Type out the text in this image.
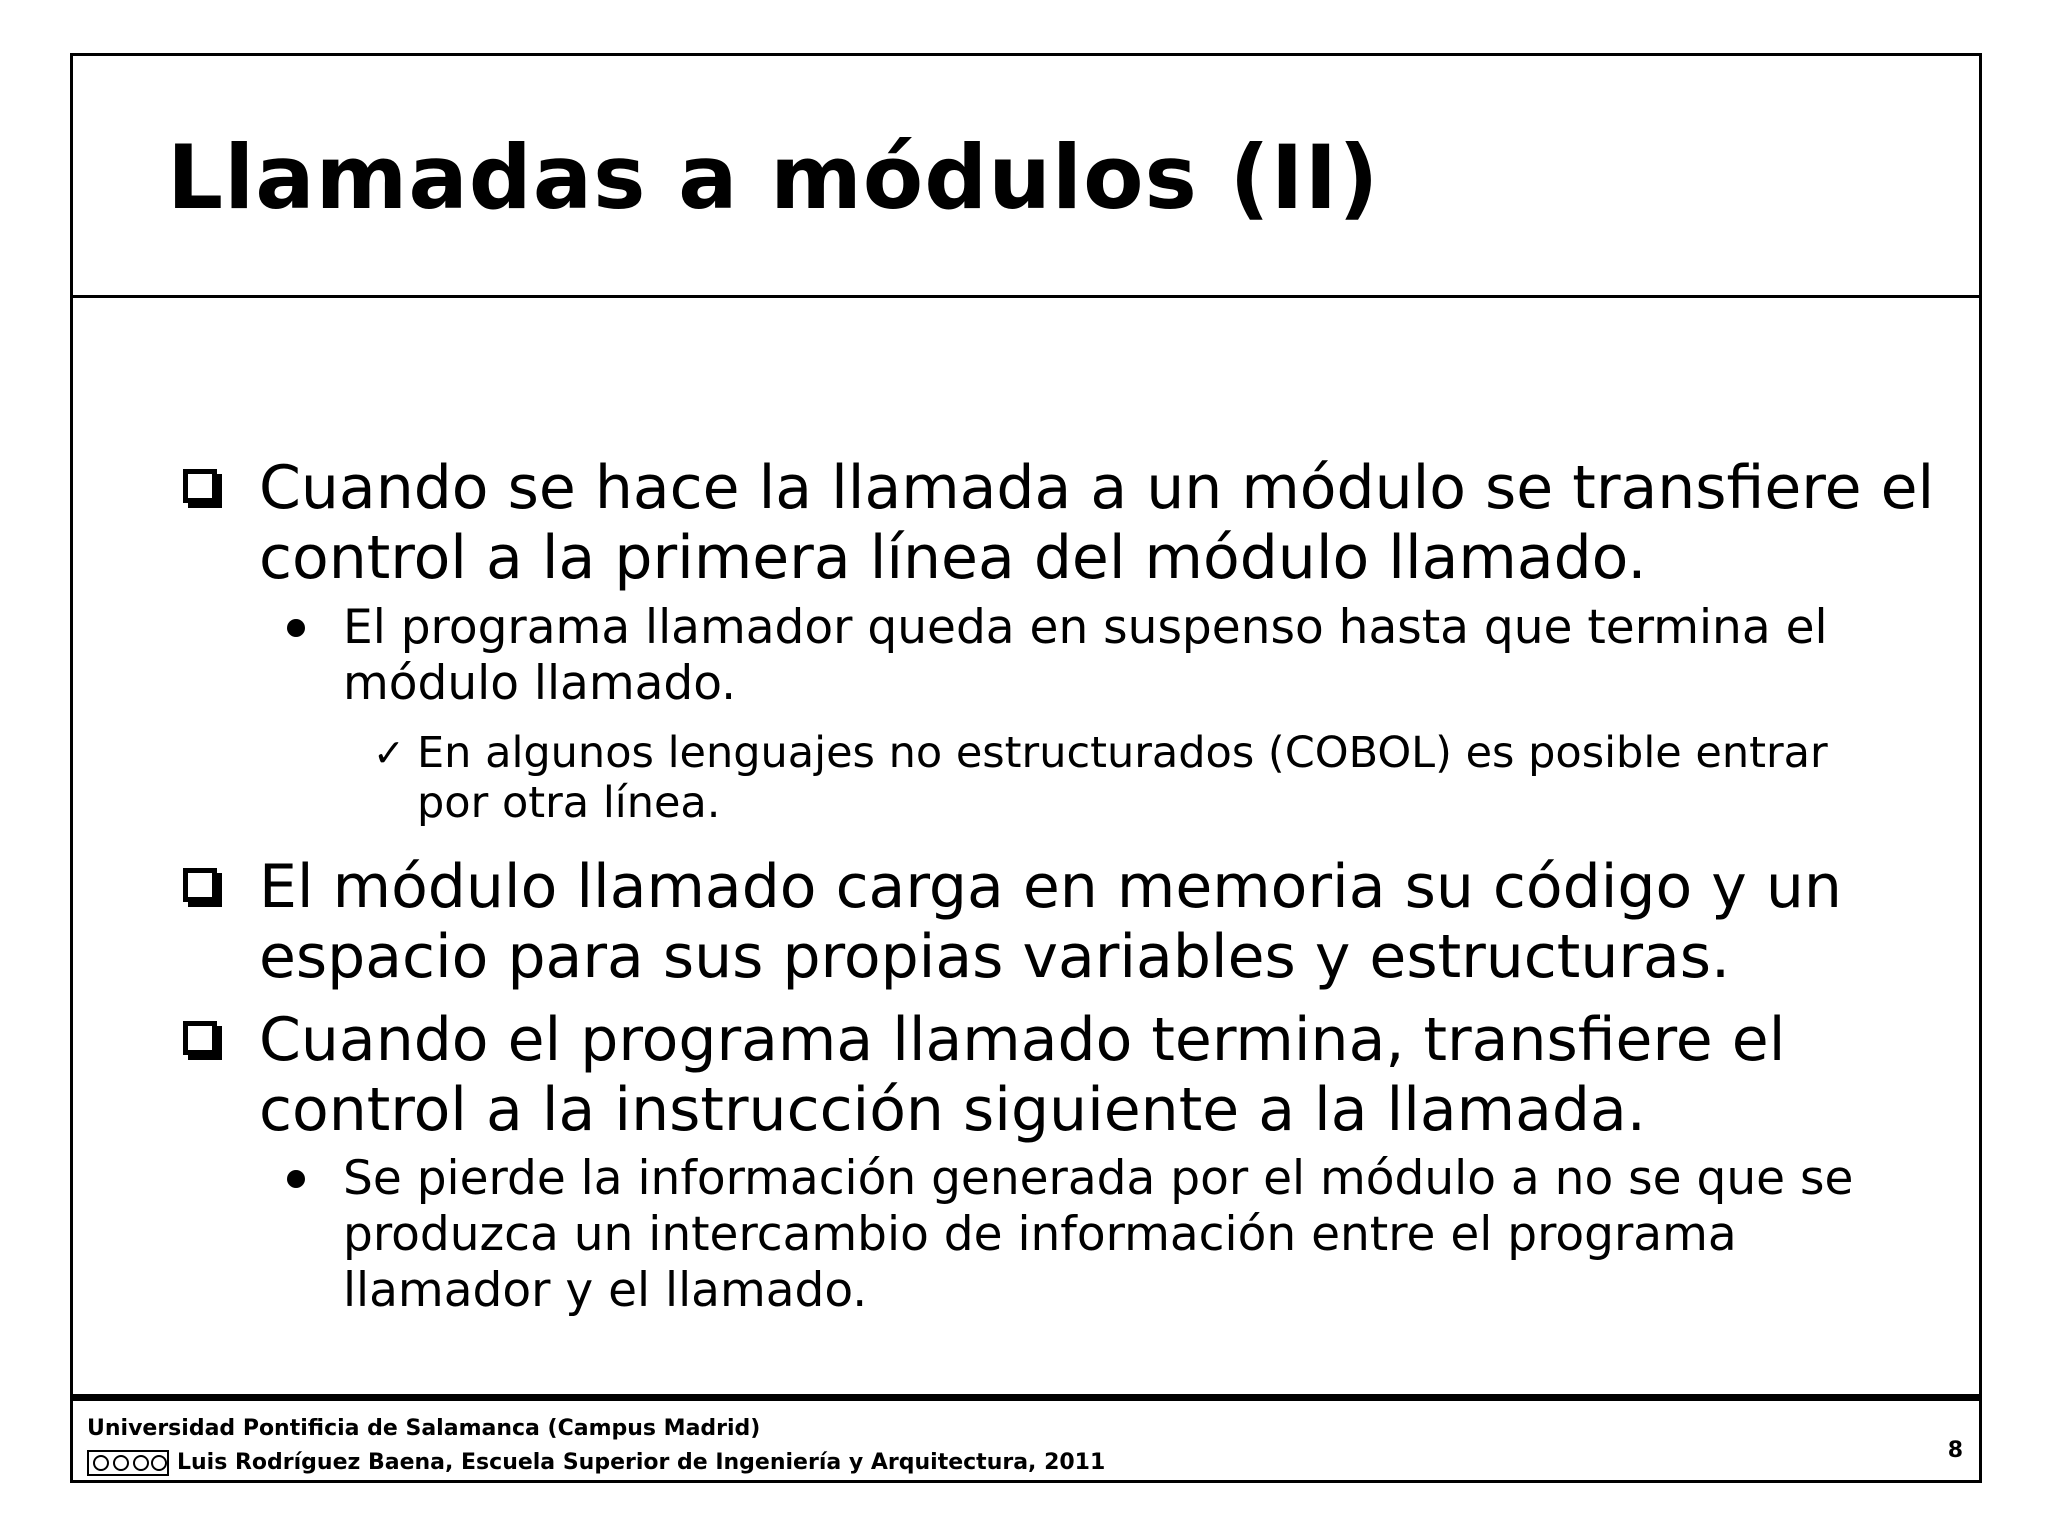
Llamadas a módulos (II)
Cuando se hace la llamada a un módulo se transfiere el
control a la primera línea del módulo llamado.
El programa llamador queda en suspenso hasta que termina el
módulo llamado.
✓ En algunos lenguajes no estructurados (COBOL) es posible entrar
por otra línea.
El módulo llamado carga en memoria su código y un
espacio para sus propias variables y estructuras.
Cuando el programa llamado termina, transfiere el
control a la instrucción siguiente a la llamada.
Se pierde la información generada por el módulo a no se que se
produzca un intercambio de información entre el programa
llamador y el llamado.
Universidad Pontificia de Salamanca (Campus Madrid)
Luis Rodríguez Baena, Escuela Superior de Ingeniería y Arquitectura, 2011	8
